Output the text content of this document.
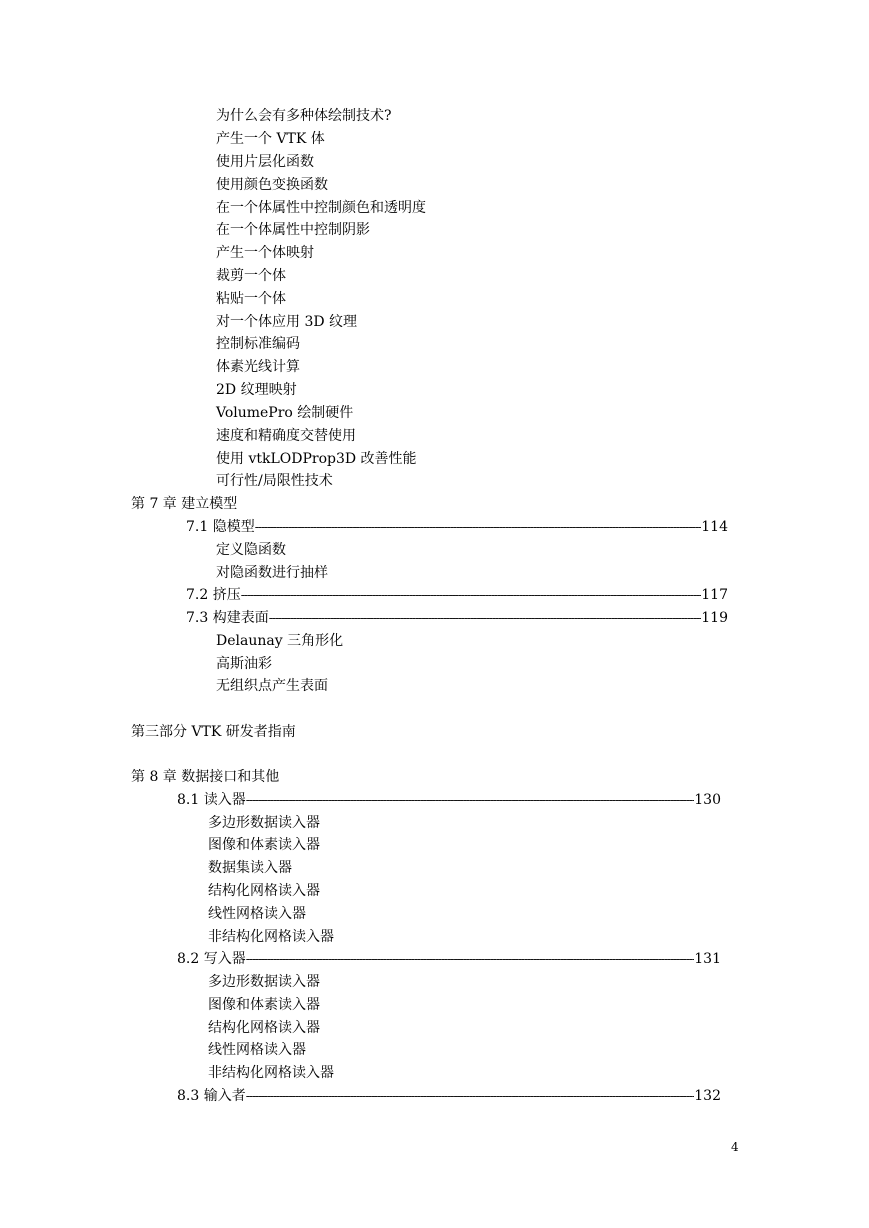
为什么会有多种体绘制技术?
产生一个 VTK 体
使用片层化函数
使用颜色变换函数
在一个体属性中控制颜色和透明度
在一个体属性中控制阴影
产生一个体映射
裁剪一个体
粘贴一个体
对一个体应用 3D 纹理
控制标准编码
体素光线计算
2D 纹理映射
VolumePro 绘制硬件
速度和精确度交替使用
使用 vtkLODProp3D 改善性能
可行性/局限性技术
第 7 章 建立模型
7.1 隐模型 -----	114
定义隐函数
对隐函数进行抽样
7.2 挤压 -----	117
7.3 构建表面 -----	119
Delaunay 三角形化
高斯油彩
无组织点产生表面
第三部分 VTK 研发者指南
第 8 章 数据接口和其他
8.1 读入器 -----	130
多边形数据读入器
图像和体素读入器
数据集读入器
结构化网格读入器
线性网格读入器
非结构化网格读入器
8.2 写入器 -----	131
多边形数据读入器
图像和体素读入器
结构化网格读入器
线性网格读入器
非结构化网格读入器
8.3 输入者 -----	132
4
